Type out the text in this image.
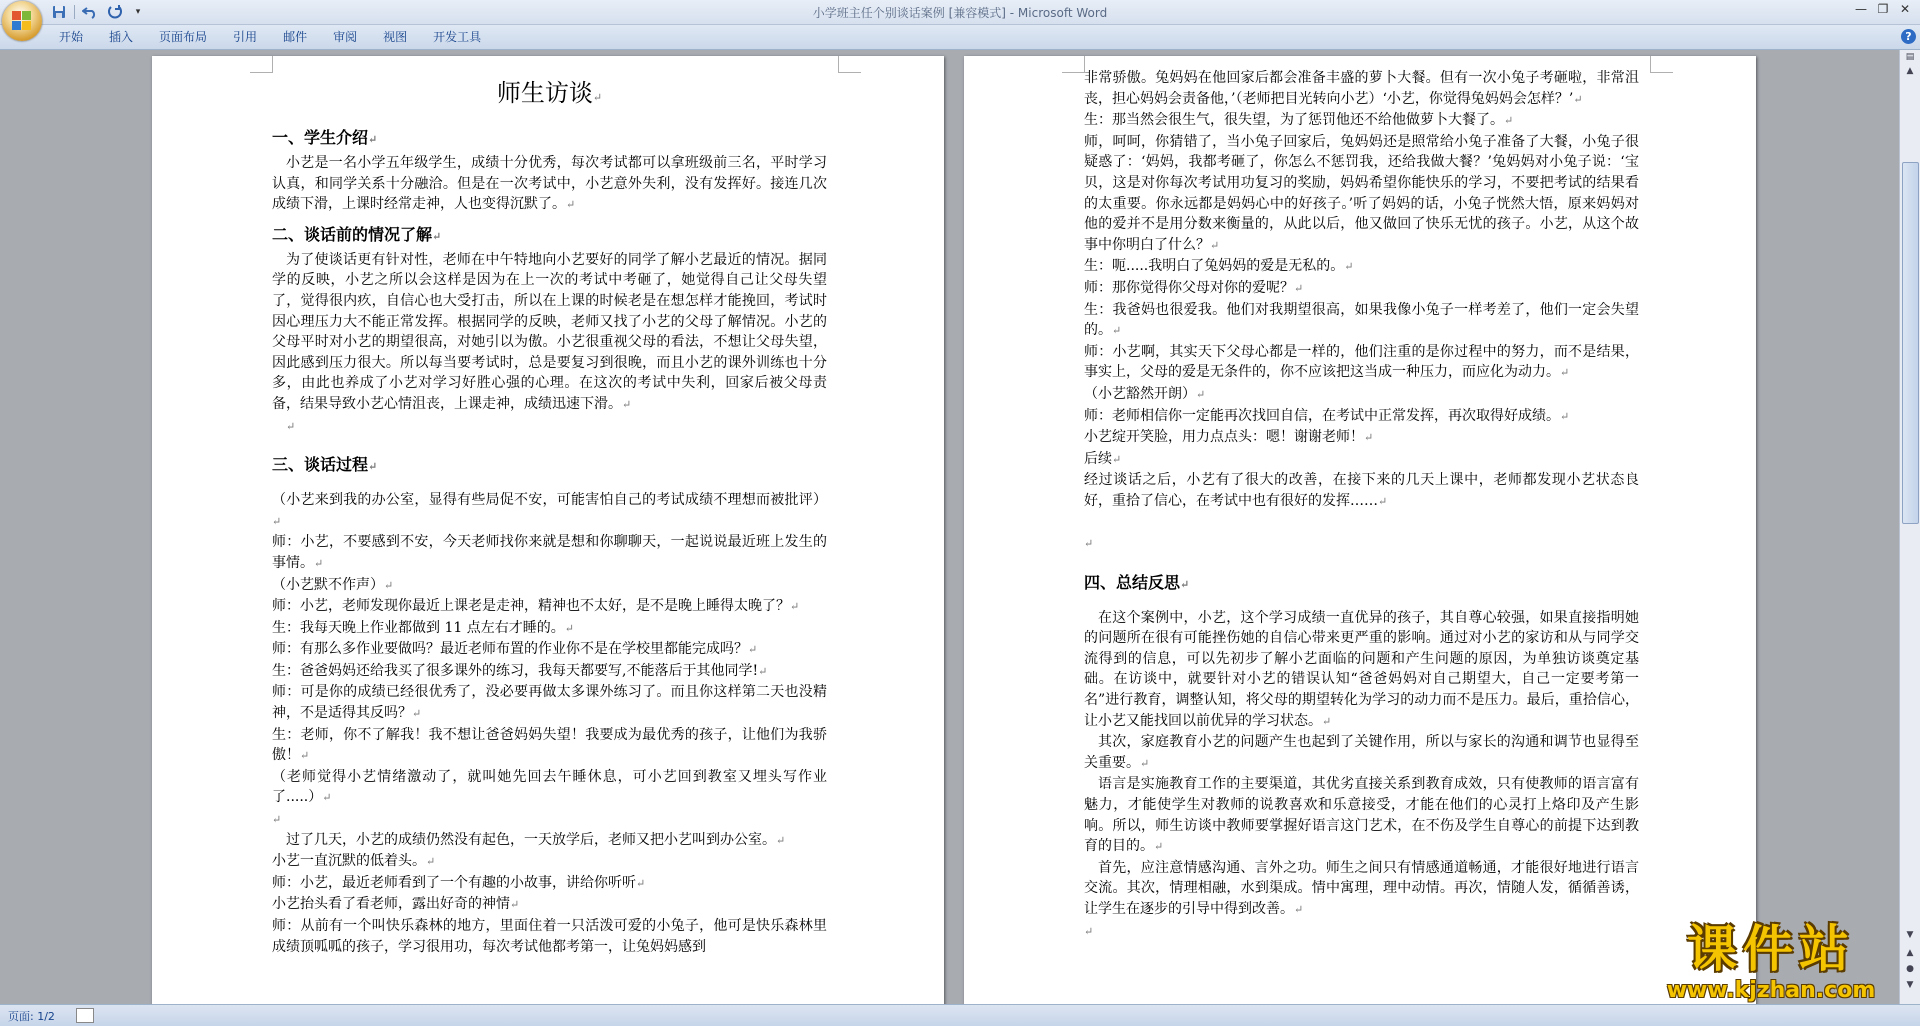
小学班主任个别谈话案例 [兼容模式] - Microsoft Word
▾	— ❐ ✕
开始	插入	页面布局	引用	邮件	审阅	视图	开发工具	?
师生访谈↵
一、学生介绍↵

小艺是一名小学五年级学生，成绩十分优秀，每次考试都可以拿班级前三名，平时学习认真，和同学关系十分融洽。但是在一次考试中，小艺意外失利，没有发挥好。接连几次成绩下滑，上课时经常走神，人也变得沉默了。↵

二、谈话前的情况了解↵

为了使谈话更有针对性，老师在中午特地向小艺要好的同学了解小艺最近的情况。据同学的反映，小艺之所以会这样是因为在上一次的考试中考砸了，她觉得自己让父母失望了，觉得很内疚，自信心也大受打击，所以在上课的时候老是在想怎样才能挽回，考试时因心理压力大不能正常发挥。根据同学的反映，老师又找了小艺的父母了解情况。小艺的父母平时对小艺的期望很高，对她引以为傲。小艺很重视父母的看法，不想让父母失望，因此感到压力很大。所以每当要考试时，总是要复习到很晚，而且小艺的课外训练也十分多，由此也养成了小艺对学习好胜心强的心理。在这次的考试中失利，回家后被父母责备，结果导致小艺心情沮丧，上课走神，成绩迅速下滑。↵

↵
三、谈话过程↵

（小艺来到我的办公室，显得有些局促不安，可能害怕自己的考试成绩不理想而被批评）↵

师：小艺，不要感到不安，今天老师找你来就是想和你聊聊天，一起说说最近班上发生的事情。↵

（小艺默不作声）↵

师：小艺，老师发现你最近上课老是走神，精神也不太好，是不是晚上睡得太晚了？↵

生：我每天晚上作业都做到 11 点左右才睡的。↵

师：有那么多作业要做吗？最近老师布置的作业你不是在学校里都能完成吗？↵

生：爸爸妈妈还给我买了很多课外的练习，我每天都要写,不能落后于其他同学!↵

师：可是你的成绩已经很优秀了，没必要再做太多课外练习了。而且你这样第二天也没精神，不是适得其反吗？↵

生：老师，你不了解我！我不想让爸爸妈妈失望！我要成为最优秀的孩子，让他们为我骄傲！↵

（老师觉得小艺情绪激动了，就叫她先回去午睡休息，可小艺回到教室又埋头写作业了.....）↵

↵

过了几天，小艺的成绩仍然没有起色，一天放学后，老师又把小艺叫到办公室。↵

小艺一直沉默的低着头。↵

师：小艺，最近老师看到了一个有趣的小故事，讲给你听听↵

小艺抬头看了看老师，露出好奇的神情↵

师：从前有一个叫快乐森林的地方，里面住着一只活泼可爱的小兔子，他可是快乐森林里成绩顶呱呱的孩子，学习很用功，每次考试他都考第一，让兔妈妈感到

非常骄傲。兔妈妈在他回家后都会准备丰盛的萝卜大餐。但有一次小兔子考砸啦，非常沮丧，担心妈妈会责备他，’（老师把目光转向小艺）‘小艺，你觉得兔妈妈会怎样？’↵

生：那当然会很生气，很失望，为了惩罚他还不给他做萝卜大餐了。↵

师，呵呵，你猜错了，当小兔子回家后，兔妈妈还是照常给小兔子准备了大餐，小兔子很疑惑了：‘妈妈，我都考砸了，你怎么不惩罚我，还给我做大餐？’兔妈妈对小兔子说：‘宝贝，这是对你每次考试用功复习的奖励，妈妈希望你能快乐的学习，不要把考试的结果看的太重要。你永远都是妈妈心中的好孩子。’听了妈妈的话，小兔子恍然大悟，原来妈妈对他的爱并不是用分数来衡量的，从此以后，他又做回了快乐无忧的孩子。小艺，从这个故事中你明白了什么？↵

生：呃.....我明白了兔妈妈的爱是无私的。↵

师：那你觉得你父母对你的爱呢？↵

生：我爸妈也很爱我。他们对我期望很高，如果我像小兔子一样考差了，他们一定会失望的。↵

师：小艺啊，其实天下父母心都是一样的，他们注重的是你过程中的努力，而不是结果，事实上，父母的爱是无条件的，你不应该把这当成一种压力，而应化为动力。↵

（小艺豁然开朗）↵

师：老师相信你一定能再次找回自信，在考试中正常发挥，再次取得好成绩。↵

小艺绽开笑脸，用力点点头：嗯！谢谢老师！↵

后续↵

经过谈话之后，小艺有了很大的改善，在接下来的几天上课中，老师都发现小艺状态良好，重拾了信心，在考试中也有很好的发挥……↵

↵
四、总结反思↵

在这个案例中，小艺，这个学习成绩一直优异的孩子，其自尊心较强，如果直接指明她的问题所在很有可能挫伤她的自信心带来更严重的影响。通过对小艺的家访和从与同学交流得到的信息，可以先初步了解小艺面临的问题和产生问题的原因，为单独访谈奠定基础。在访谈中，就要针对小艺的错误认知“爸爸妈妈对自己期望大，自己一定要考第一名”进行教育，调整认知，将父母的期望转化为学习的动力而不是压力。最后，重拾信心，让小艺又能找回以前优异的学习状态。↵

其次，家庭教育小艺的问题产生也起到了关键作用，所以与家长的沟通和调节也显得至关重要。↵

语言是实施教育工作的主要渠道，其优劣直接关系到教育成效，只有使教师的语言富有魅力，才能使学生对教师的说教喜欢和乐意接受，才能在他们的心灵打上烙印及产生影响。所以，师生访谈中教师要掌握好语言这门艺术，在不伤及学生自尊心的前提下达到教育的目的。↵

首先，应注意情感沟通、言外之功。师生之间只有情感通道畅通，才能很好地进行语言交流。其次，情理相融，水到渠成。情中寓理，理中动情。再次，情随人发，循循善诱，让学生在逐步的引导中得到改善。↵

↵
▤
▲
▼
▲
●
▼
页面: 1/2
课件站
www.kjzhan.com
